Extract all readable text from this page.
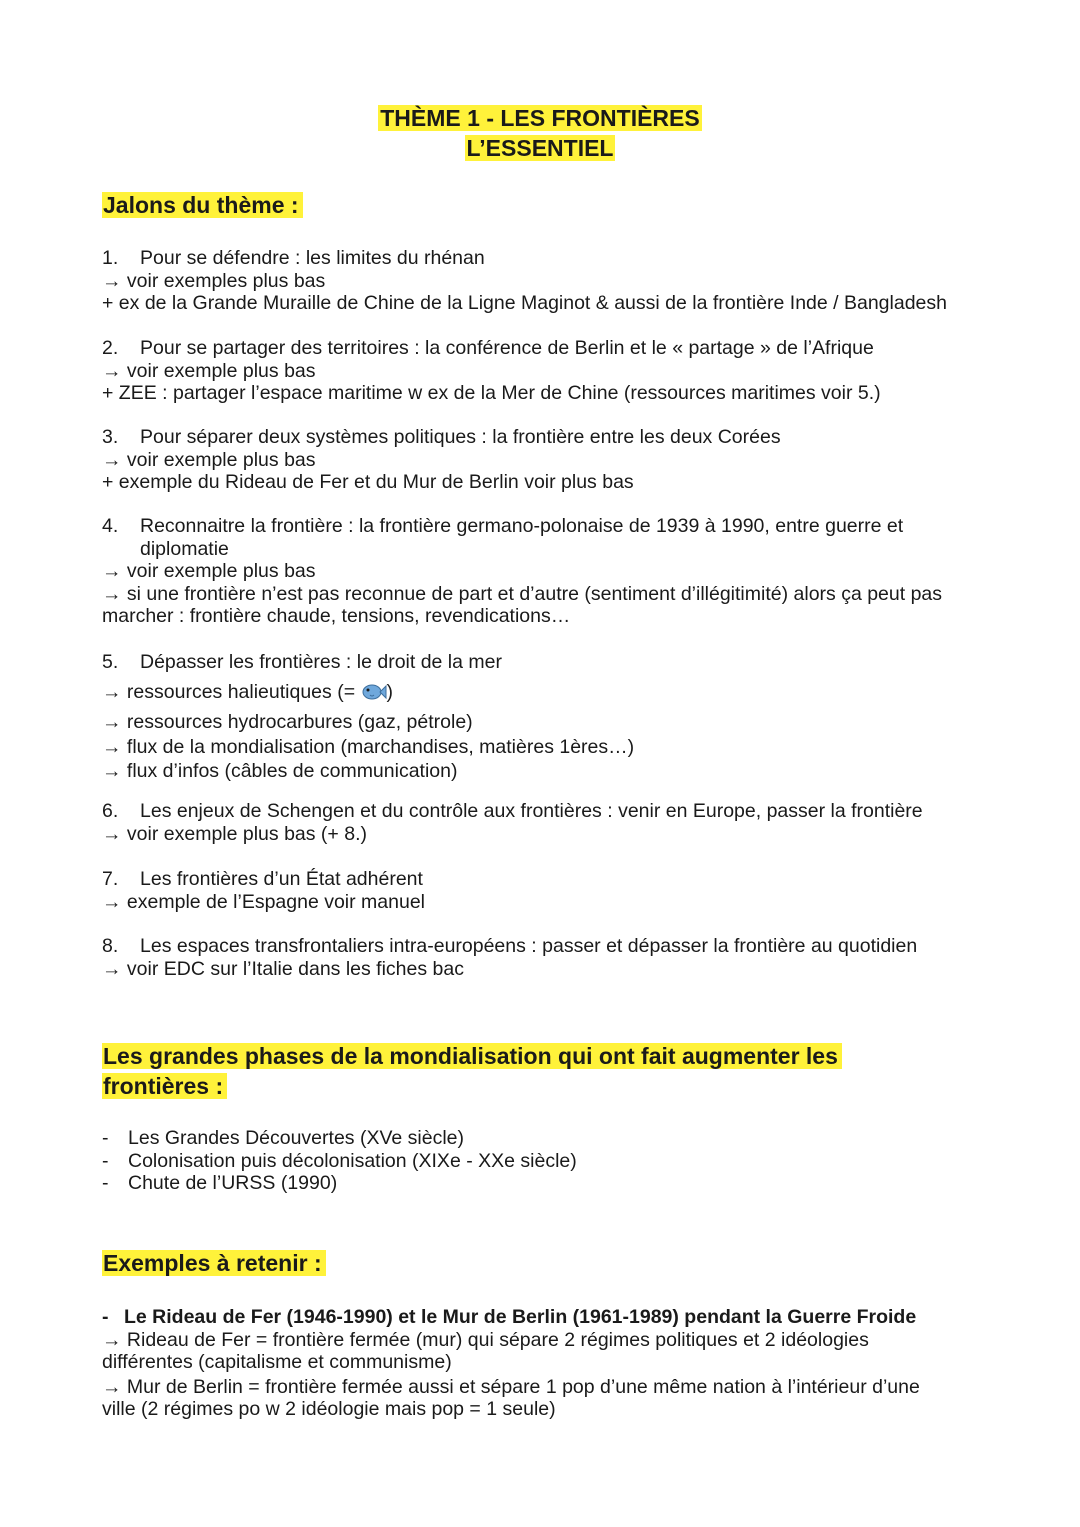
THÈME 1 - LES FRONTIÈRES
L’ESSENTIEL
Jalons du thème :
1. Pour se défendre : les limites du rhénan
→ voir exemples plus bas
+ ex de la Grande Muraille de Chine de la Ligne Maginot & aussi de la frontière Inde / Bangladesh
2. Pour se partager des territoires : la conférence de Berlin et le « partage » de l’Afrique
→ voir exemple plus bas
+ ZEE : partager l’espace maritime w ex de la Mer de Chine (ressources maritimes voir 5.)
3. Pour séparer deux systèmes politiques : la frontière entre les deux Corées
→ voir exemple plus bas
+ exemple du Rideau de Fer et du Mur de Berlin voir plus bas
4. Reconnaitre la frontière : la frontière germano-polonaise de 1939 à 1990, entre guerre et
diplomatie
→ voir exemple plus bas
→ si une frontière n’est pas reconnue de part et d’autre (sentiment d’illégitimité) alors ça peut pas
marcher : frontière chaude, tensions, revendications…
5. Dépasser les frontières : le droit de la mer
→ ressources halieutiques (= )
→ ressources hydrocarbures (gaz, pétrole)
→ flux de la mondialisation (marchandises, matières 1ères…)
→ flux d’infos (câbles de communication)
6. Les enjeux de Schengen et du contrôle aux frontières : venir en Europe, passer la frontière
→ voir exemple plus bas (+ 8.)
7. Les frontières d’un État adhérent
→ exemple de l’Espagne voir manuel
8. Les espaces transfrontaliers intra-européens : passer et dépasser la frontière au quotidien
→ voir EDC sur l’Italie dans les fiches bac
Les grandes phases de la mondialisation qui ont fait augmenter les
frontières :
- Les Grandes Découvertes (XVe siècle)
- Colonisation puis décolonisation (XIXe - XXe siècle)
- Chute de l’URSS (1990)
Exemples à retenir :
- Le Rideau de Fer (1946-1990) et le Mur de Berlin (1961-1989) pendant la Guerre Froide
→ Rideau de Fer = frontière fermée (mur) qui sépare 2 régimes politiques et 2 idéologies
différentes (capitalisme et communisme)
→ Mur de Berlin = frontière fermée aussi et sépare 1 pop d’une même nation à l’intérieur d’une
ville (2 régimes po w 2 idéologie mais pop = 1 seule)
